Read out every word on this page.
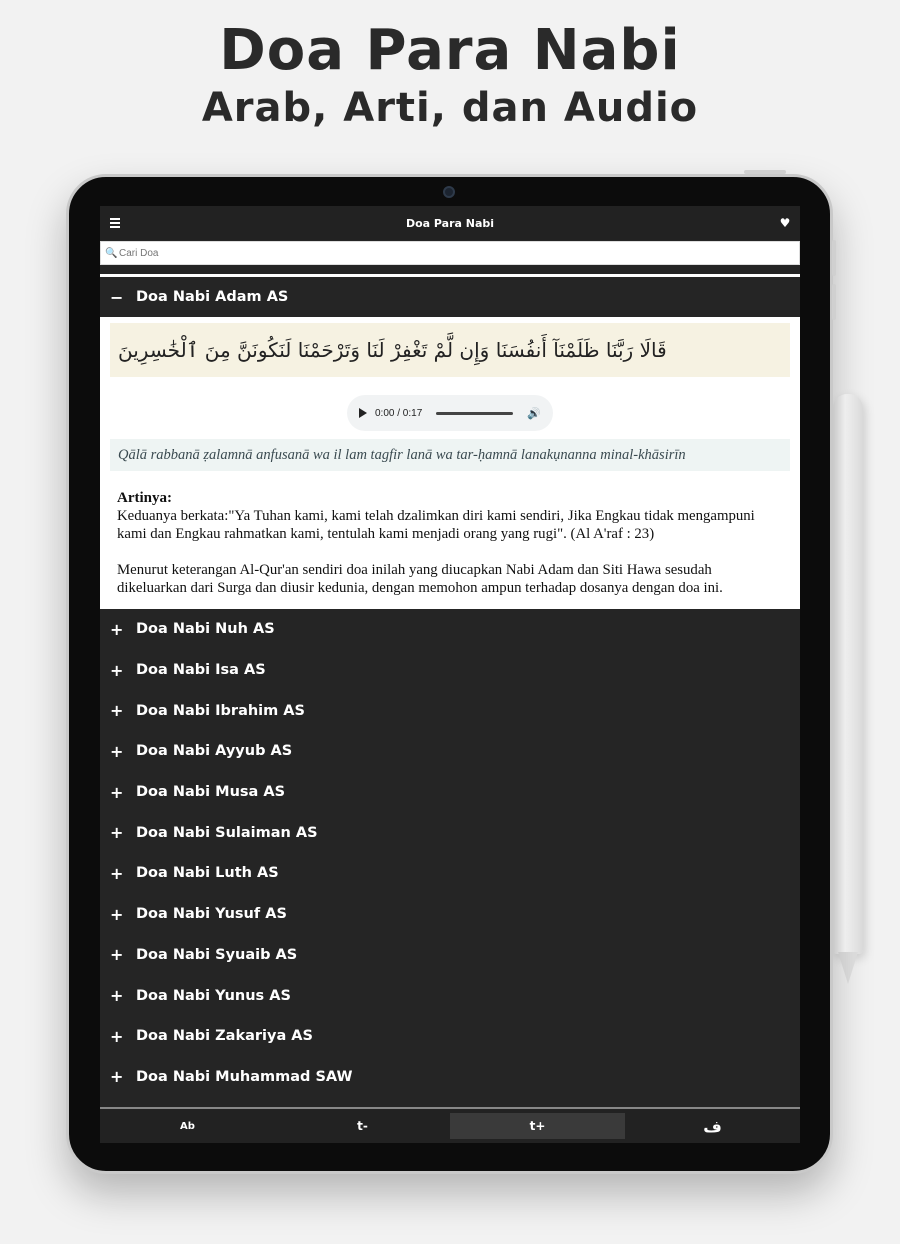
Doa Para Nabi
Arab, Arti, dan Audio
Doa Para Nabi	♥
🔍
Cari Doa
− Doa Nabi Adam AS
قَالَا رَبَّنَا ظَلَمْنَآ أَنفُسَنَا وَإِن لَّمْ تَغْفِرْ لَنَا وَتَرْحَمْنَا لَنَكُونَنَّ مِنَ ٱلْخَٰسِرِينَ
0:00 / 0:17	🔊
Qālā rabbanā ẓalamnā anfusanā wa il lam tagfir lanā wa tar-ḥamnā lanakụnanna minal-khāsirīn

Artinya:
Keduanya berkata:"Ya Tuhan kami, kami telah dzalimkan diri kami sendiri, Jika Engkau tidak mengampuni kami dan Engkau rahmatkan kami, tentulah kami menjadi orang yang rugi". (Al A'raf : 23)

Menurut keterangan Al-Qur'an sendiri doa inilah yang diucapkan Nabi Adam dan Siti Hawa sesudah dikeluarkan dari Surga dan diusir kedunia, dengan memohon ampun terhadap dosanya dengan doa ini.

+ Doa Nabi Nuh AS
+ Doa Nabi Isa AS
+ Doa Nabi Ibrahim AS
+ Doa Nabi Ayyub AS
+ Doa Nabi Musa AS
+ Doa Nabi Sulaiman AS
+ Doa Nabi Luth AS
+ Doa Nabi Yusuf AS
+ Doa Nabi Syuaib AS
+ Doa Nabi Yunus AS
+ Doa Nabi Zakariya AS
+ Doa Nabi Muhammad SAW
Ab	t-	t+	ف
